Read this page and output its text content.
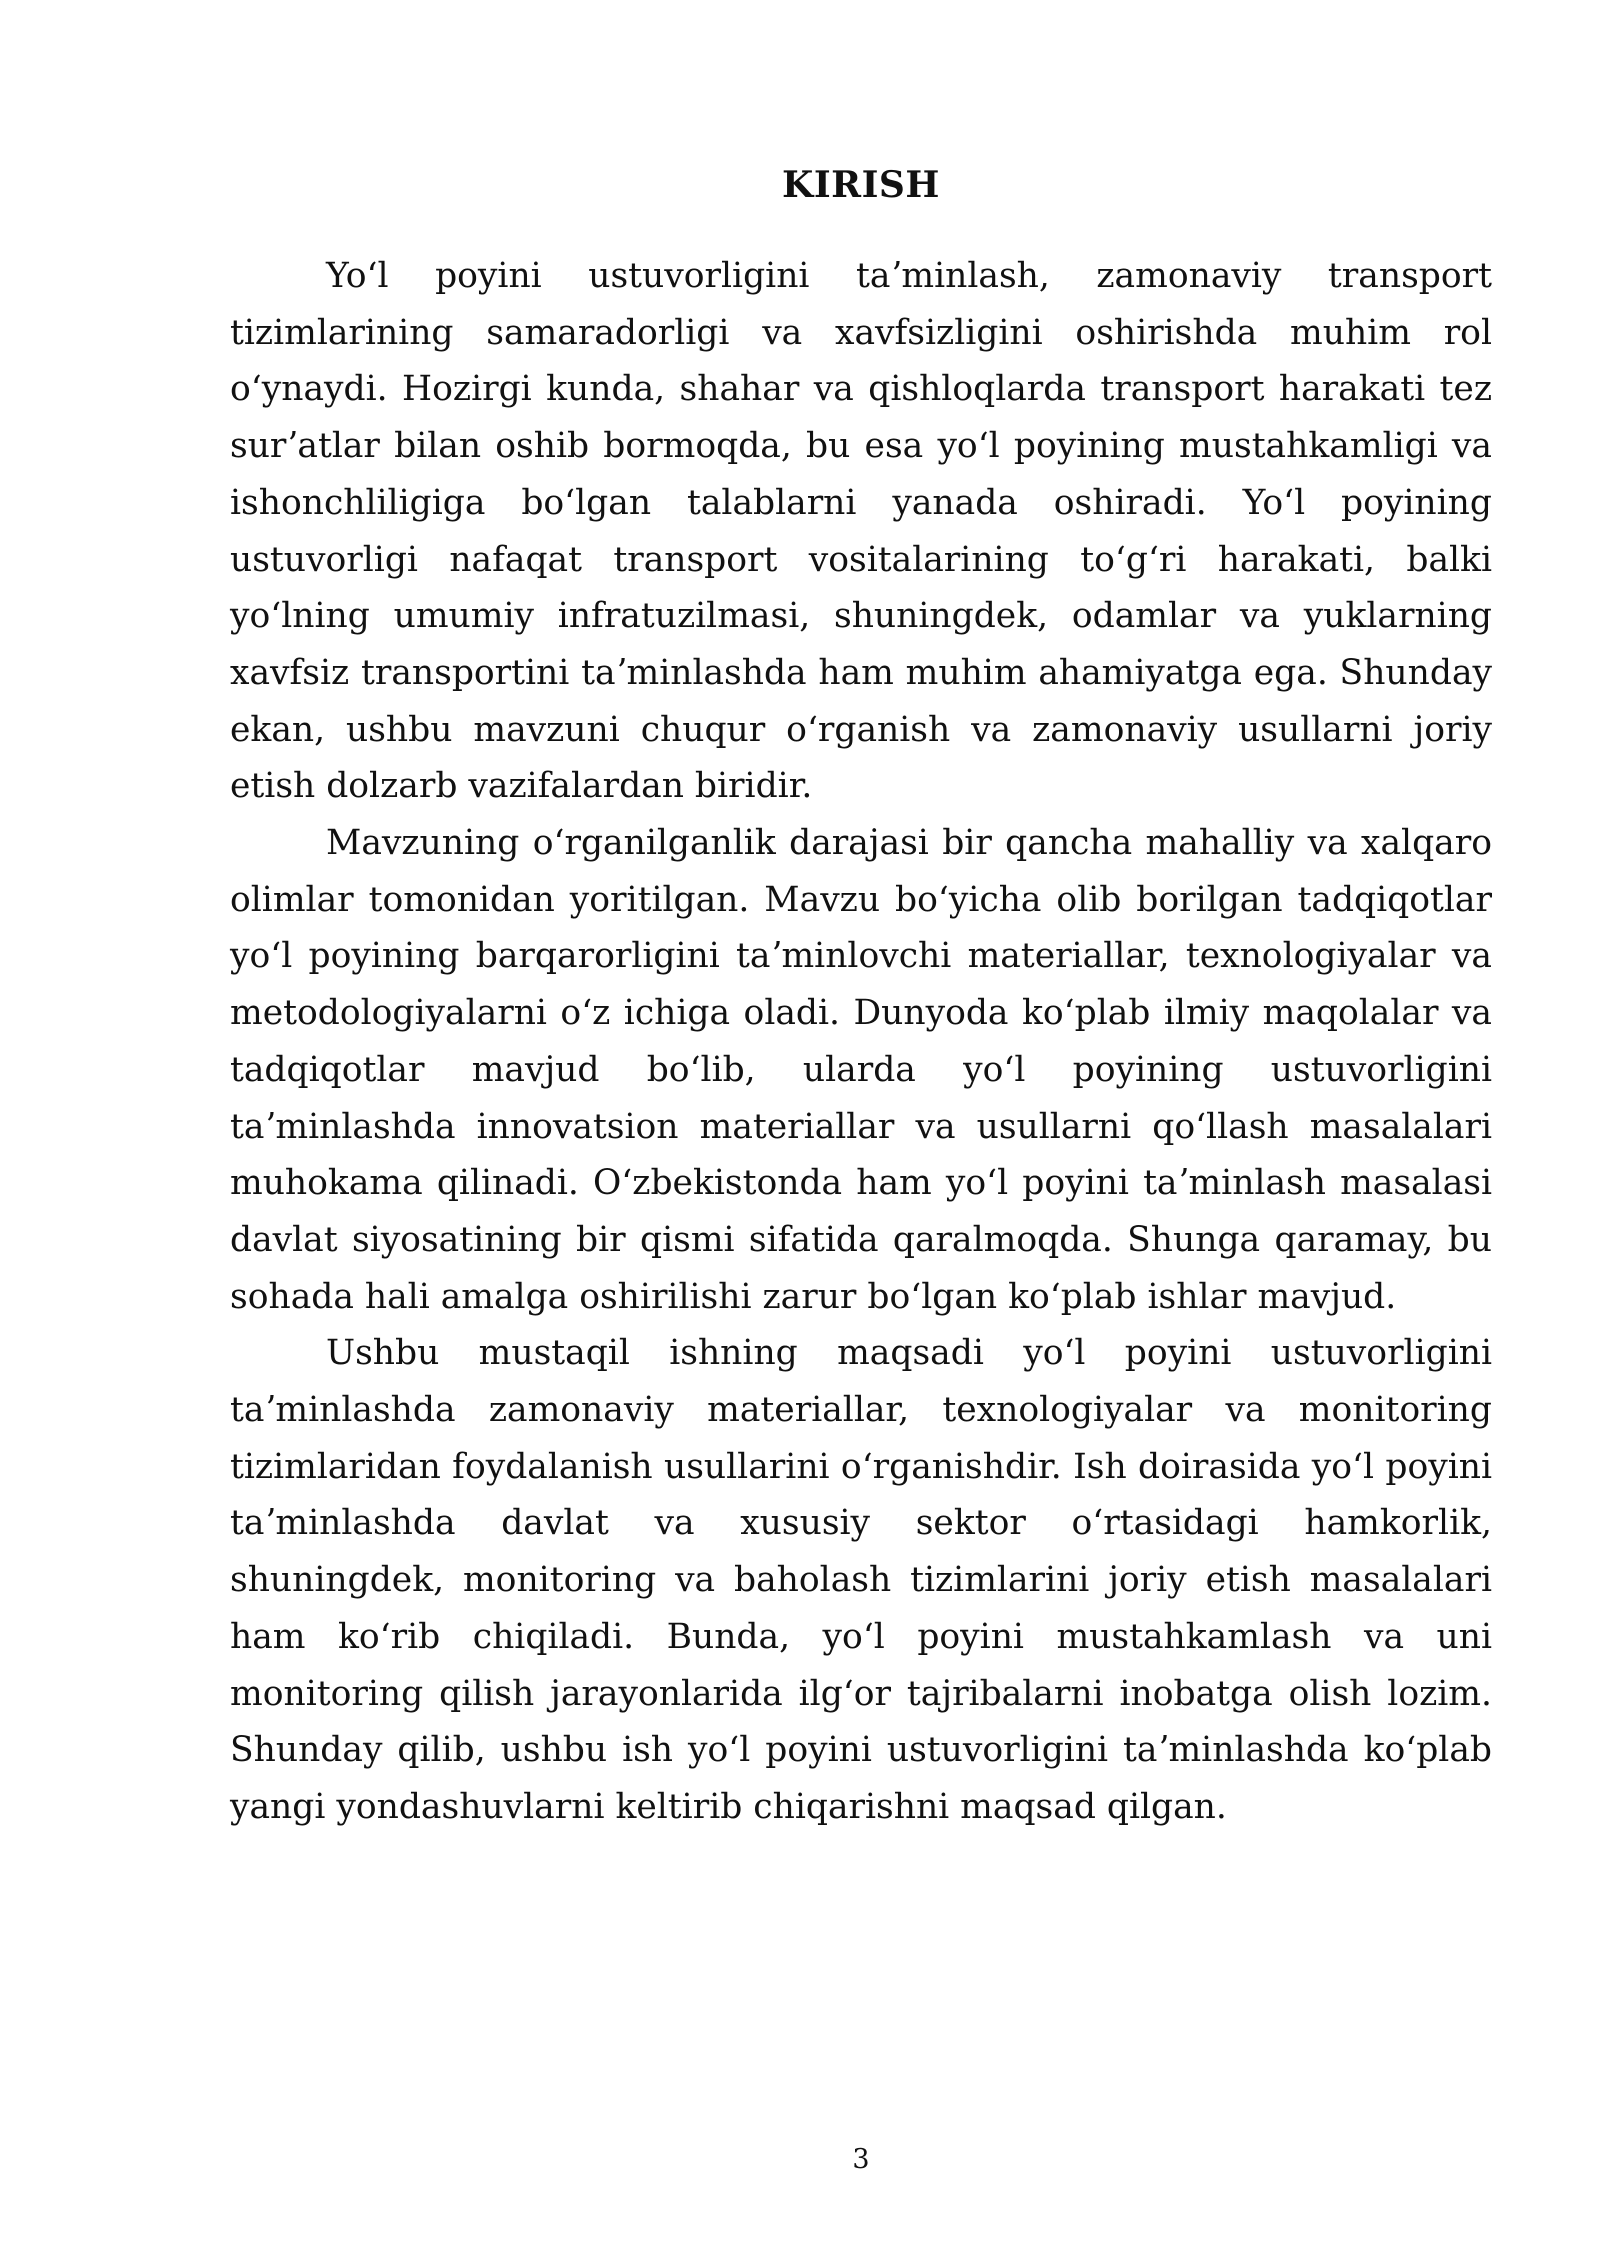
KIRISH

Yoʻl poyini ustuvorligini taʼminlash, zamonaviy transport tizimlarining samaradorligi va xavfsizligini oshirishda muhim rol oʻynaydi. Hozirgi kunda, shahar va qishloqlarda transport harakati tez surʼatlar bilan oshib bormoqda, bu esa yoʻl poyining mustahkamligi va ishonchliligiga boʻlgan talablarni yanada oshiradi. Yoʻl poyining ustuvorligi nafaqat transport vositalarining toʻgʻri harakati, balki yoʻlning umumiy infratuzilmasi, shuningdek, odamlar va yuklarning xavfsiz transportini taʼminlashda ham muhim ahamiyatga ega. Shunday ekan, ushbu mavzuni chuqur oʻrganish va zamonaviy usullarni joriy etish dolzarb vazifalardan biridir.

Mavzuning oʻrganilganlik darajasi bir qancha mahalliy va xalqaro olimlar tomonidan yoritilgan. Mavzu boʻyicha olib borilgan tadqiqotlar yoʻl poyining barqarorligini taʼminlovchi materiallar, texnologiyalar va metodologiyalarni oʻz ichiga oladi. Dunyoda koʻplab ilmiy maqolalar va tadqiqotlar mavjud boʻlib, ularda yoʻl poyining ustuvorligini taʼminlashda innovatsion materiallar va usullarni qoʻllash masalalari muhokama qilinadi. Oʻzbekistonda ham yoʻl poyini taʼminlash masalasi davlat siyosatining bir qismi sifatida qaralmoqda. Shunga qaramay, bu sohada hali amalga oshirilishi zarur boʻlgan koʻplab ishlar mavjud.

Ushbu mustaqil ishning maqsadi yoʻl poyini ustuvorligini taʼminlashda zamonaviy materiallar, texnologiyalar va monitoring tizimlaridan foydalanish usullarini oʻrganishdir. Ish doirasida yoʻl poyini taʼminlashda davlat va xususiy sektor oʻrtasidagi hamkorlik, shuningdek, monitoring va baholash tizimlarini joriy etish masalalari ham koʻrib chiqiladi. Bunda, yoʻl poyini mustahkamlash va uni monitoring qilish jarayonlarida ilgʻor tajribalarni inobatga olish lozim. Shunday qilib, ushbu ish yoʻl poyini ustuvorligini taʼminlashda koʻplab yangi yondashuvlarni keltirib chiqarishni maqsad qilgan.

3
